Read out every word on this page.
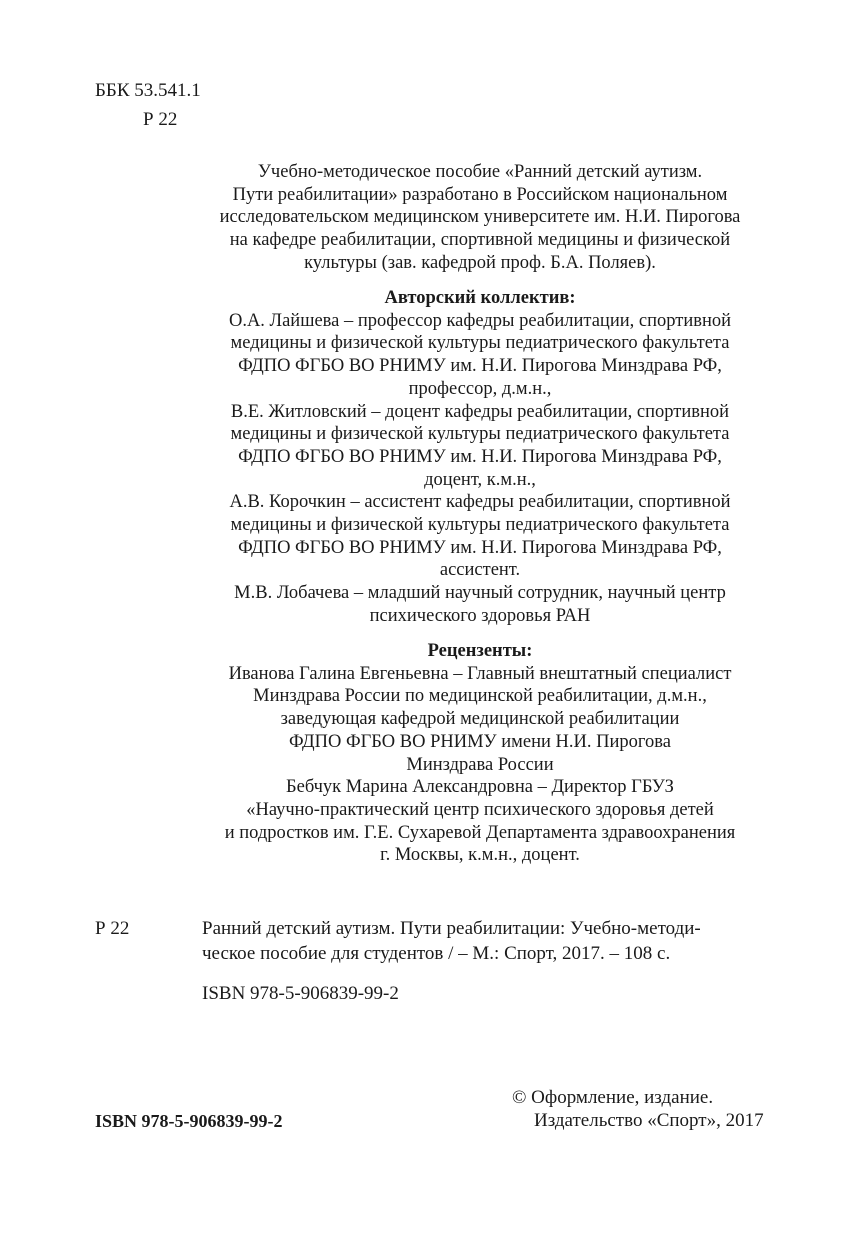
ББК 53.541.1
Р 22
Учебно-методическое пособие «Ранний детский аутизм.
Пути реабилитации» разработано в Российском национальном
исследовательском медицинском университете им. Н.И. Пирогова
на кафедре реабилитации, спортивной медицины и физической
культуры (зав. кафедрой проф. Б.А. Поляев).
Авторский коллектив:
О.А. Лайшева – профессор кафедры реабилитации, спортивной
медицины и физической культуры педиатрического факультета
ФДПО ФГБО ВО РНИМУ им. Н.И. Пирогова Минздрава РФ,
профессор, д.м.н.,
В.Е. Житловский – доцент кафедры реабилитации, спортивной
медицины и физической культуры педиатрического факультета
ФДПО ФГБО ВО РНИМУ им. Н.И. Пирогова Минздрава РФ,
доцент, к.м.н.,
А.В. Корочкин – ассистент кафедры реабилитации, спортивной
медицины и физической культуры педиатрического факультета
ФДПО ФГБО ВО РНИМУ им. Н.И. Пирогова Минздрава РФ,
ассистент.
М.В. Лобачева – младший научный сотрудник, научный центр
психического здоровья РАН
Рецензенты:
Иванова Галина Евгеньевна – Главный внештатный специалист
Минздрава России по медицинской реабилитации, д.м.н.,
заведующая кафедрой медицинской реабилитации
ФДПО ФГБО ВО РНИМУ имени Н.И. Пирогова
Минздрава России
Бебчук Марина Александровна – Директор ГБУЗ
«Научно-практический центр психического здоровья детей
и подростков им. Г.Е. Сухаревой Департамента здравоохранения
г. Москвы, к.м.н., доцент.
Р 22	Ранний детский аутизм. Пути реабилитации: Учебно-методи-
ческое пособие для студентов / – М.: Спорт, 2017. – 108 с.
ISBN 978-5-906839-99-2
ISBN 978-5-906839-99-2
© Оформление, издание.
Издательство «Спорт», 2017
